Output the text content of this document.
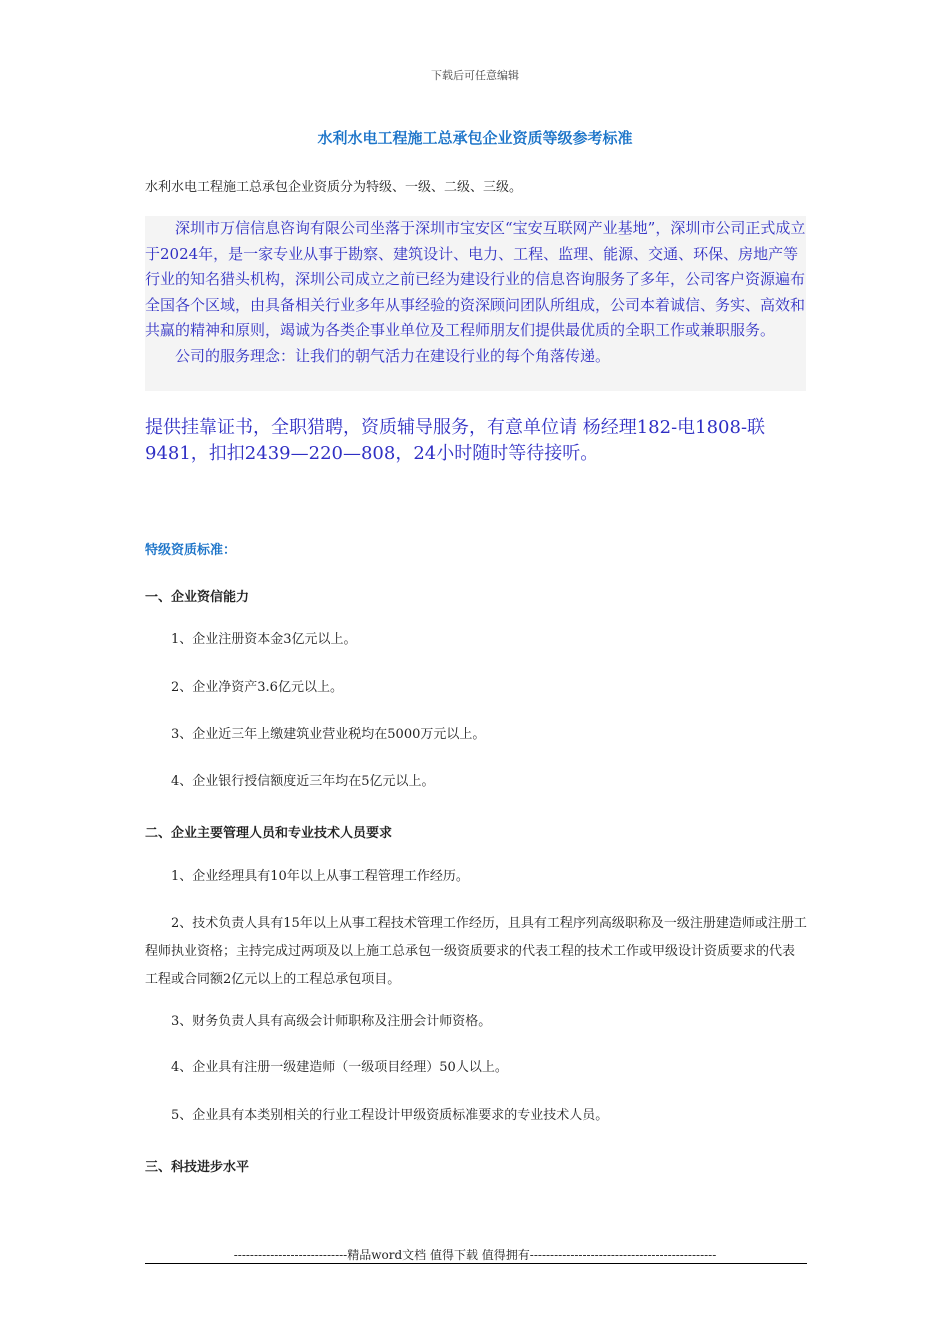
下载后可任意编辑
水利水电工程施工总承包企业资质等级参考标准
水利水电工程施工总承包企业资质分为特级、一级、二级、三级。

深圳市万信信息咨询有限公司坐落于深圳市宝安区“宝安互联网产业基地”，深圳市公司正式成立于2024年，是一家专业从事于勘察、建筑设计、电力、工程、监理、能源、交通、环保、房地产等行业的知名猎头机构，深圳公司成立之前已经为建设行业的信息咨询服务了多年，公司客户资源遍布全国各个区域，由具备相关行业多年从事经验的资深顾问团队所组成，公司本着诚信、务实、高效和共赢的精神和原则，竭诚为各类企事业单位及工程师朋友们提供最优质的全职工作或兼职服务。

公司的服务理念：让我们的朝气活力在建设行业的每个角落传递。

提供挂靠证书，全职猎聘，资质辅导服务，有意单位请 杨经理182-电1808-联9481，扣扣2439—220—808，24小时随时等待接听。

特级资质标准：
一、企业资信能力

1、企业注册资本金3亿元以上。

2、企业净资产3.6亿元以上。

3、企业近三年上缴建筑业营业税均在5000万元以上。

4、企业银行授信额度近三年均在5亿元以上。

二、企业主要管理人员和专业技术人员要求

1、企业经理具有10年以上从事工程管理工作经历。

2、技术负责人具有15年以上从事工程技术管理工作经历，且具有工程序列高级职称及一级注册建造师或注册工程师执业资格；主持完成过两项及以上施工总承包一级资质要求的代表工程的技术工作或甲级设计资质要求的代表工程或合同额2亿元以上的工程总承包项目。

3、财务负责人具有高级会计师职称及注册会计师资格。

4、企业具有注册一级建造师（一级项目经理）50人以上。

5、企业具有本类别相关的行业工程设计甲级资质标准要求的专业技术人员。

三、科技进步水平
----------------------------精品word文档 值得下载 值得拥有----------------------------------------------
